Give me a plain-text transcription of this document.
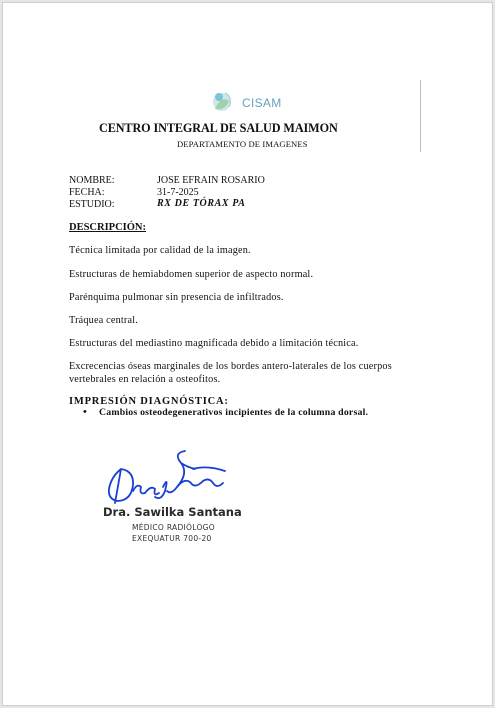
CISAM
CENTRO INTEGRAL DE SALUD MAIMON
DEPARTAMENTO DE IMAGENES
NOMBRE:	JOSE EFRAIN ROSARIO
FECHA:	31-7-2025
ESTUDIO:	RX DE TÓRAX PA
DESCRIPCIÓN:
Técnica limitada por calidad de la imagen.
Estructuras de hemiabdomen superior de aspecto normal.
Parénquima pulmonar sin presencia de infiltrados.
Tráquea central.
Estructuras del mediastino magnificada debido a limitación técnica.
Excrecencias óseas marginales de los bordes antero-laterales de los cuerpos vertebrales en relación a osteofitos.
IMPRESIÓN DIAGNÓSTICA:
• Cambios osteodegenerativos incipientes de la columna dorsal.
Dra. Sawilka Santana
MÉDICO RADIÓLOGO
EXEQUATUR 700-20
